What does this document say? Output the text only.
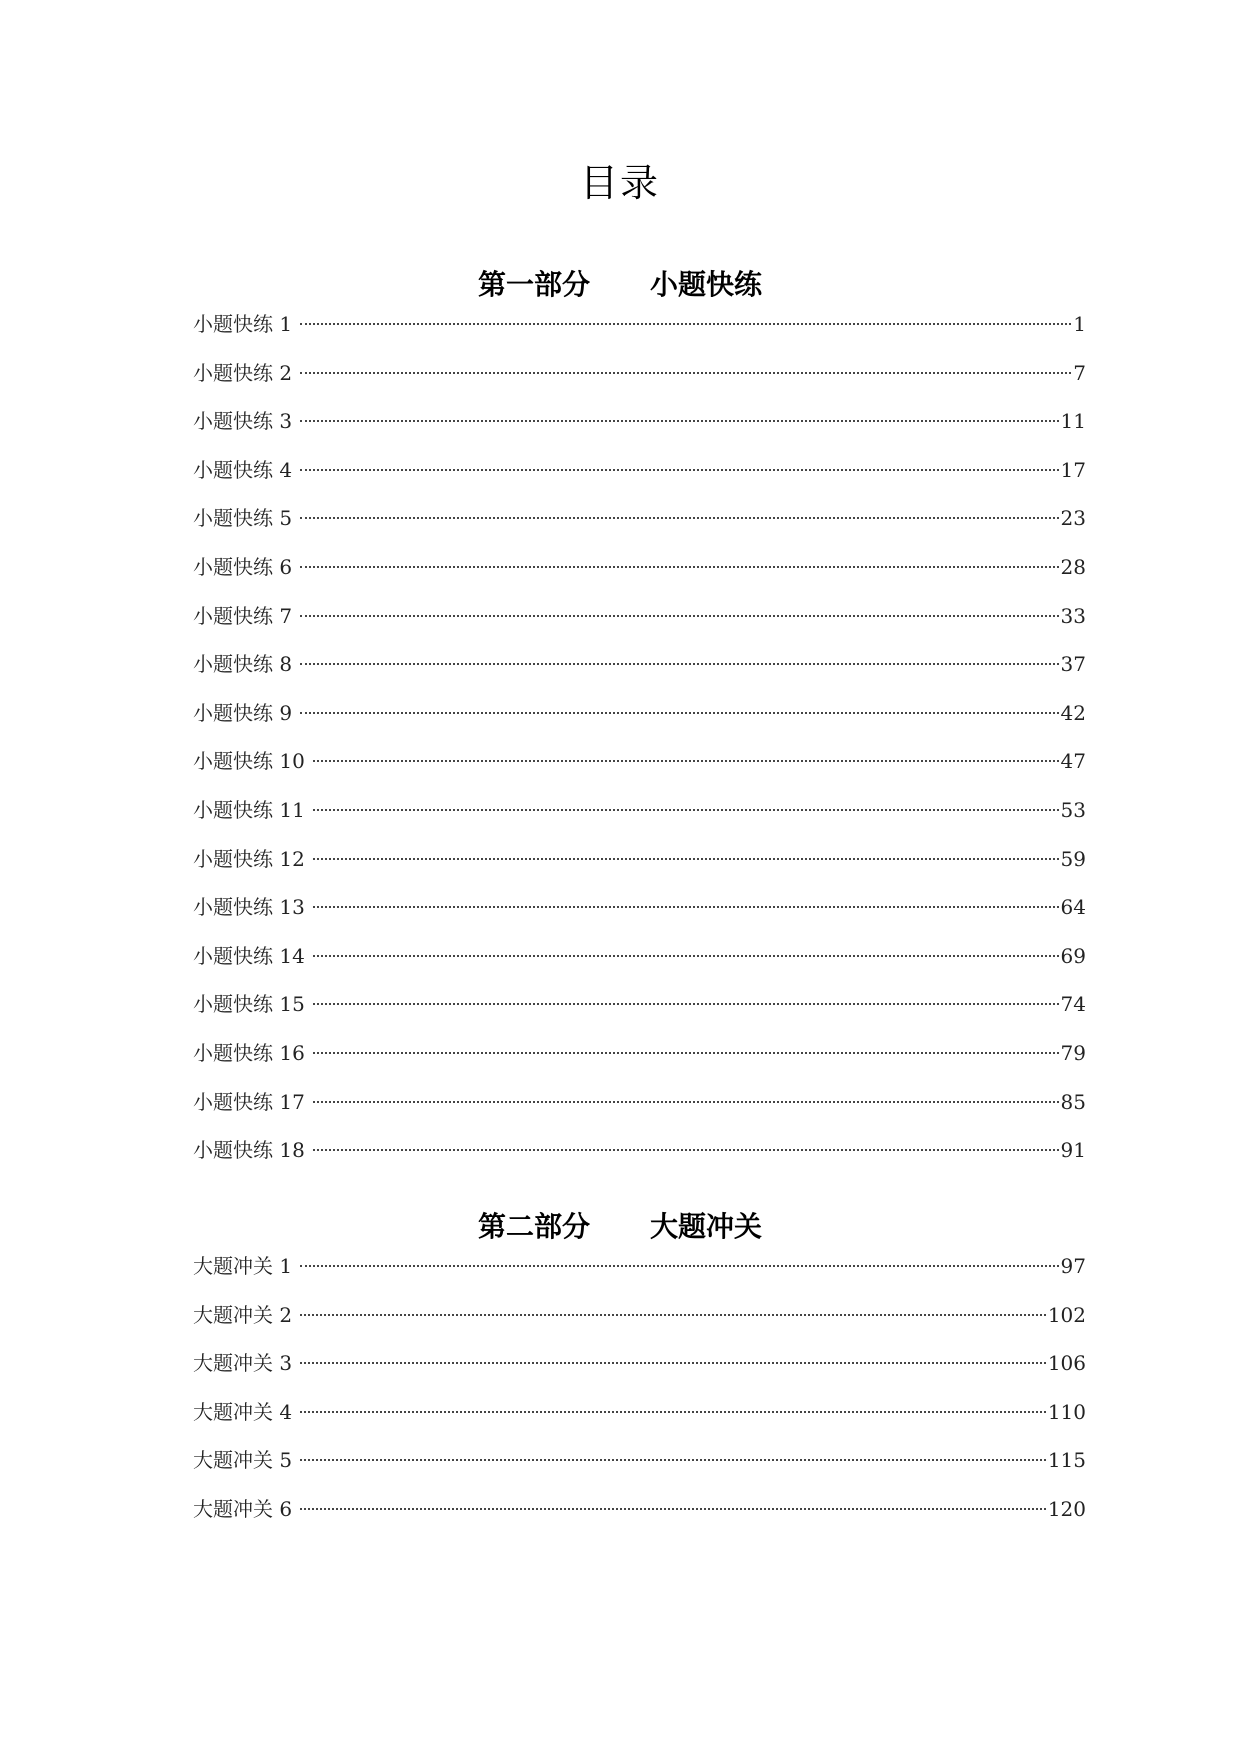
目录
第一部分 小题快练
小题快练 1	1
小题快练 2	7
小题快练 3	11
小题快练 4	17
小题快练 5	23
小题快练 6	28
小题快练 7	33
小题快练 8	37
小题快练 9	42
小题快练 10	47
小题快练 11	53
小题快练 12	59
小题快练 13	64
小题快练 14	69
小题快练 15	74
小题快练 16	79
小题快练 17	85
小题快练 18	91
第二部分 大题冲关
大题冲关 1	97
大题冲关 2	102
大题冲关 3	106
大题冲关 4	110
大题冲关 5	115
大题冲关 6	120
